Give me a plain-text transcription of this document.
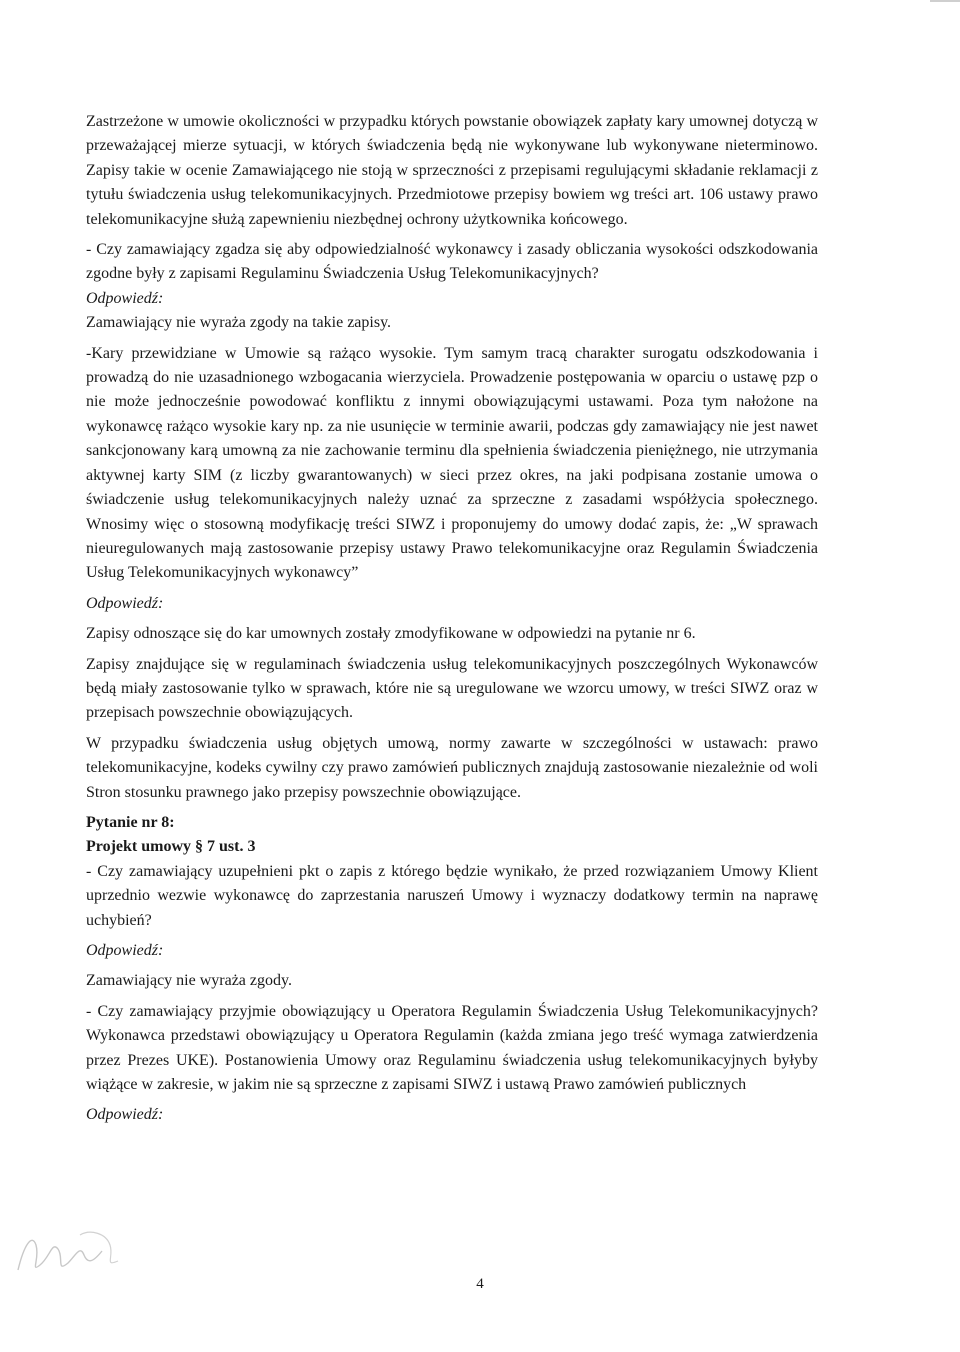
Zastrzeżone w umowie okoliczności w przypadku których powstanie obowiązek zapłaty kary umownej dotyczą w przeważającej mierze sytuacji, w których świadczenia będą nie wykonywane lub wykonywane nieterminowo. Zapisy takie w ocenie Zamawiającego nie stoją w sprzeczności z przepisami regulującymi składanie reklamacji z tytułu świadczenia usług telekomunikacyjnych. Przedmiotowe przepisy bowiem wg treści art. 106 ustawy prawo telekomunikacyjne służą zapewnieniu niezbędnej ochrony użytkownika końcowego.

- Czy zamawiający zgadza się aby odpowiedzialność wykonawcy i zasady obliczania wysokości odszkodowania zgodne były z zapisami Regulaminu Świadczenia Usług Telekomunikacyjnych?

Odpowiedź:

Zamawiający nie wyraża zgody na takie zapisy.

-Kary przewidziane w Umowie są rażąco wysokie. Tym samym tracą charakter surogatu odszkodowania i prowadzą do nie uzasadnionego wzbogacania wierzyciela. Prowadzenie postępowania w oparciu o ustawę pzp o nie może jednocześnie powodować konfliktu z innymi obowiązującymi ustawami. Poza tym nałożone na wykonawcę rażąco wysokie kary np. za nie usunięcie w terminie awarii, podczas gdy zamawiający nie jest nawet sankcjonowany karą umowną za nie zachowanie terminu dla spełnienia świadczenia pieniężnego, nie utrzymania aktywnej karty SIM (z liczby gwarantowanych) w sieci przez okres, na jaki podpisana zostanie umowa o świadczenie usług telekomunikacyjnych należy uznać za sprzeczne z zasadami współżycia społecznego. Wnosimy więc o stosowną modyfikację treści SIWZ i proponujemy do umowy dodać zapis, że: „W sprawach nieuregulowanych mają zastosowanie przepisy ustawy Prawo telekomunikacyjne oraz Regulamin Świadczenia Usług Telekomunikacyjnych wykonawcy”

Odpowiedź:

Zapisy odnoszące się do kar umownych zostały zmodyfikowane w odpowiedzi na pytanie nr 6.

Zapisy znajdujące się w regulaminach świadczenia usług telekomunikacyjnych poszczególnych Wykonawców będą miały zastosowanie tylko w sprawach, które nie są uregulowane we wzorcu umowy, w treści SIWZ oraz w przepisach powszechnie obowiązujących.

W przypadku świadczenia usług objętych umową, normy zawarte w szczególności w ustawach: prawo telekomunikacyjne, kodeks cywilny czy prawo zamówień publicznych znajdują zastosowanie niezależnie od woli Stron stosunku prawnego jako przepisy powszechnie obowiązujące.

Pytanie nr 8:

Projekt umowy § 7 ust. 3

- Czy zamawiający uzupełnieni pkt o zapis z którego będzie wynikało, że przed rozwiązaniem Umowy Klient uprzednio wezwie wykonawcę do zaprzestania naruszeń Umowy i wyznaczy dodatkowy termin na naprawę uchybień?

Odpowiedź:

Zamawiający nie wyraża zgody.

- Czy zamawiający przyjmie obowiązujący u Operatora Regulamin Świadczenia Usług Telekomunikacyjnych? Wykonawca przedstawi obowiązujący u Operatora Regulamin (każda zmiana jego treść wymaga zatwierdzenia przez Prezes UKE). Postanowienia Umowy oraz Regulaminu świadczenia usług telekomunikacyjnych byłyby wiążące w zakresie, w jakim nie są sprzeczne z zapisami SIWZ i ustawą Prawo zamówień publicznych

Odpowiedź:

4
